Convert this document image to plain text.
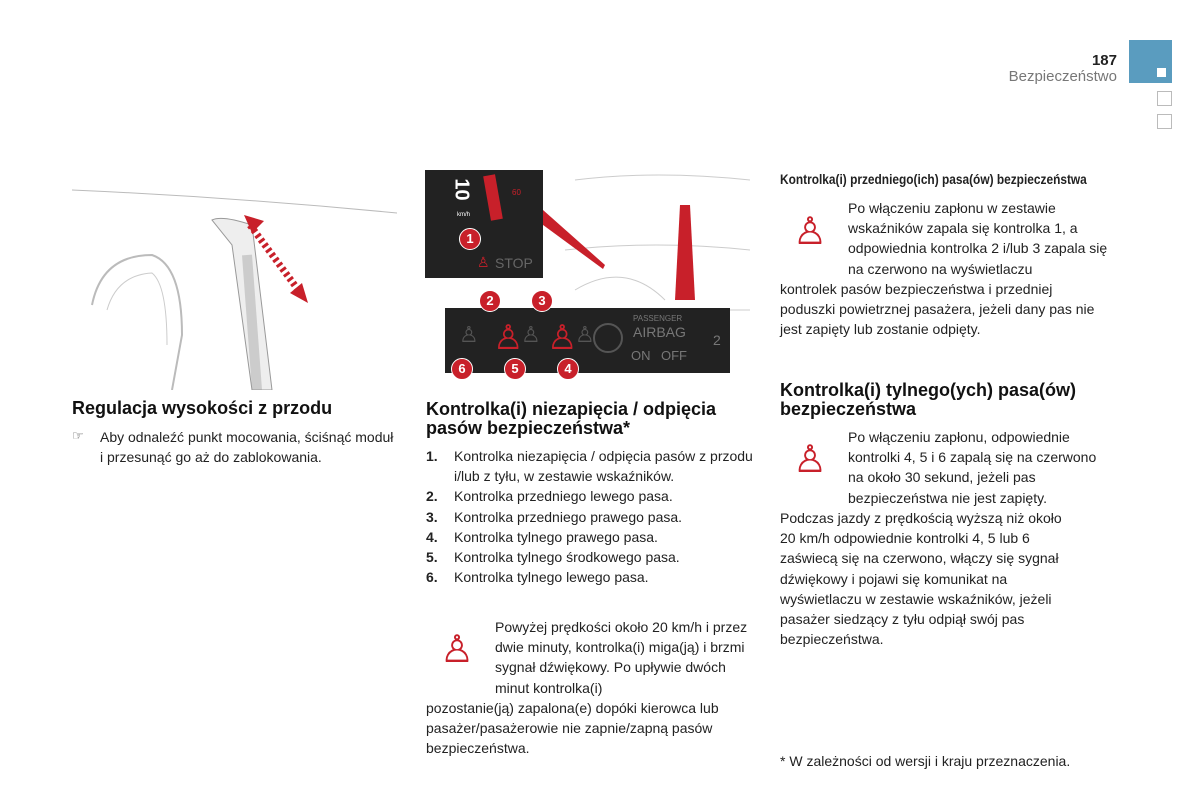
187
Bezpieczeństwo
10	60
km/h
1
STOP
♙
♙ ♙
♙ ♙ ♙
PASSENGER
AIRBAG
ON OFF
2
2	3
4
5
6
Regulacja wysokości z przodu
☞ Aby odnaleźć punkt mocowania, ściśnąć moduł i przesunąć go aż do zablokowania.
Kontrolka(i) niezapięcia / odpięcia pasów bezpieczeństwa*
1. Kontrolka niezapięcia / odpięcia pasów z przodu i/lub z tyłu, w zestawie wskaźników.
2. Kontrolka przedniego lewego pasa.
3. Kontrolka przedniego prawego pasa.
4. Kontrolka tylnego prawego pasa.
5. Kontrolka tylnego środkowego pasa.
6. Kontrolka tylnego lewego pasa.
♙
Powyżej prędkości około 20 km/h i przez dwie minuty, kontrolka(i) miga(ją) i brzmi sygnał dźwiękowy. Po upływie dwóch minut kontrolka(i)
pozostanie(ją) zapalona(e) dopóki kierowca lub pasażer/pasażerowie nie zapnie/zapną pasów bezpieczeństwa.
Kontrolka(i) przedniego(ich) pasa(ów) bezpieczeństwa
♙
Po włączeniu zapłonu w zestawie wskaźników zapala się kontrolka 1, a odpowiednia kontrolka 2 i/lub 3 zapala się na czerwono na wyświetlaczu
kontrolek pasów bezpieczeństwa i przedniej poduszki powietrznej pasażera, jeżeli dany pas nie jest zapięty lub zostanie odpięty.
Kontrolka(i) tylnego(ych) pasa(ów) bezpieczeństwa
♙
Po włączeniu zapłonu, odpowiednie kontrolki 4, 5 i 6 zapalą się na czerwono na około 30 sekund, jeżeli pas bezpieczeństwa nie jest zapięty.
Podczas jazdy z prędkością wyższą niż około 20 km/h odpowiednie kontrolki 4, 5 lub 6 zaświecą się na czerwono, włączy się sygnał dźwiękowy i pojawi się komunikat na wyświetlaczu w zestawie wskaźników, jeżeli pasażer siedzący z tyłu odpiął swój pas bezpieczeństwa.
* W zależności od wersji i kraju przeznaczenia.
